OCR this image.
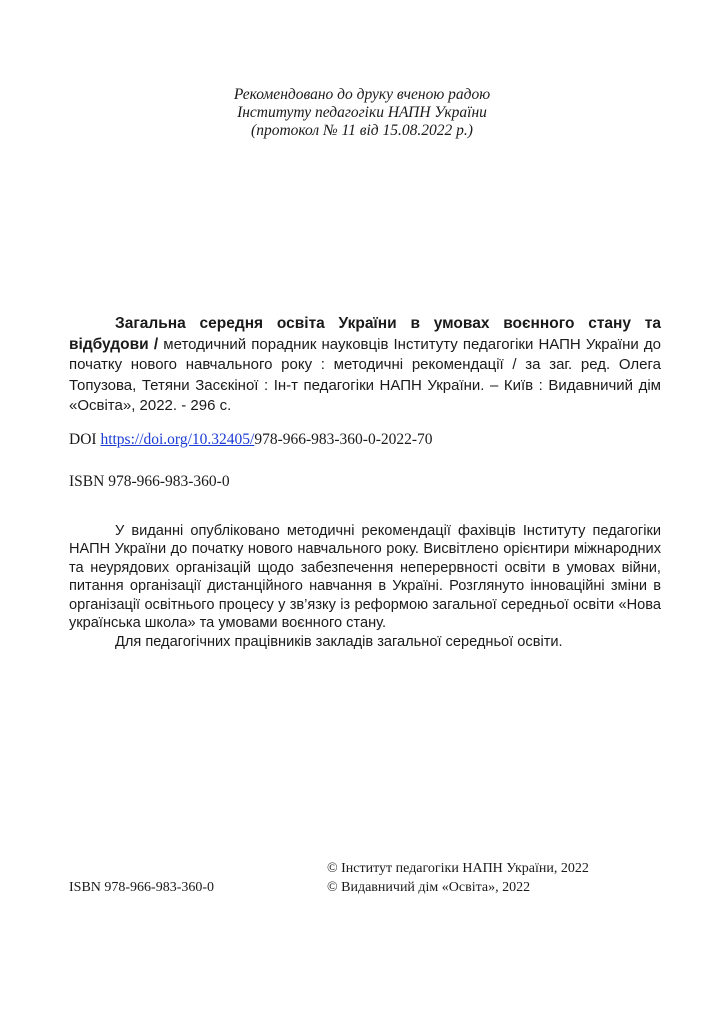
Рекомендовано до друку вченою радою
Інституту педагогіки НАПН України
(протокол № 11 від 15.08.2022 р.)
Загальна середня освіта України в умовах воєнного стану та відбудови / методичний порадник науковців Інституту педагогіки НАПН України до початку нового навчального року : методичні рекомендації / за заг. ред. Олега Топузова, Тетяни Засєкіної : Ін-т педагогіки НАПН України. – Київ : Видавничий дім «Освіта», 2022. - 296 с.
DOI https://doi.org/10.32405/978-966-983-360-0-2022-70
ISBN 978-966-983-360-0

У виданні опубліковано методичні рекомендації фахівців Інституту педагогіки НАПН України до початку нового навчального року. Висвітлено орієнтири міжнародних та неурядових організацій щодо забезпечення неперервності освіти в умовах війни, питання організації дистанційного навчання в Україні. Розглянуто інноваційні зміни в організації освітнього процесу у зв’язку із реформою загальної середньої освіти «Нова українська школа» та умовами воєнного стану.

Для педагогічних працівників закладів загальної середньої освіти.

© Інститут педагогіки НАПН України, 2022
© Видавничий дім «Освіта», 2022
ISBN 978-966-983-360-0
